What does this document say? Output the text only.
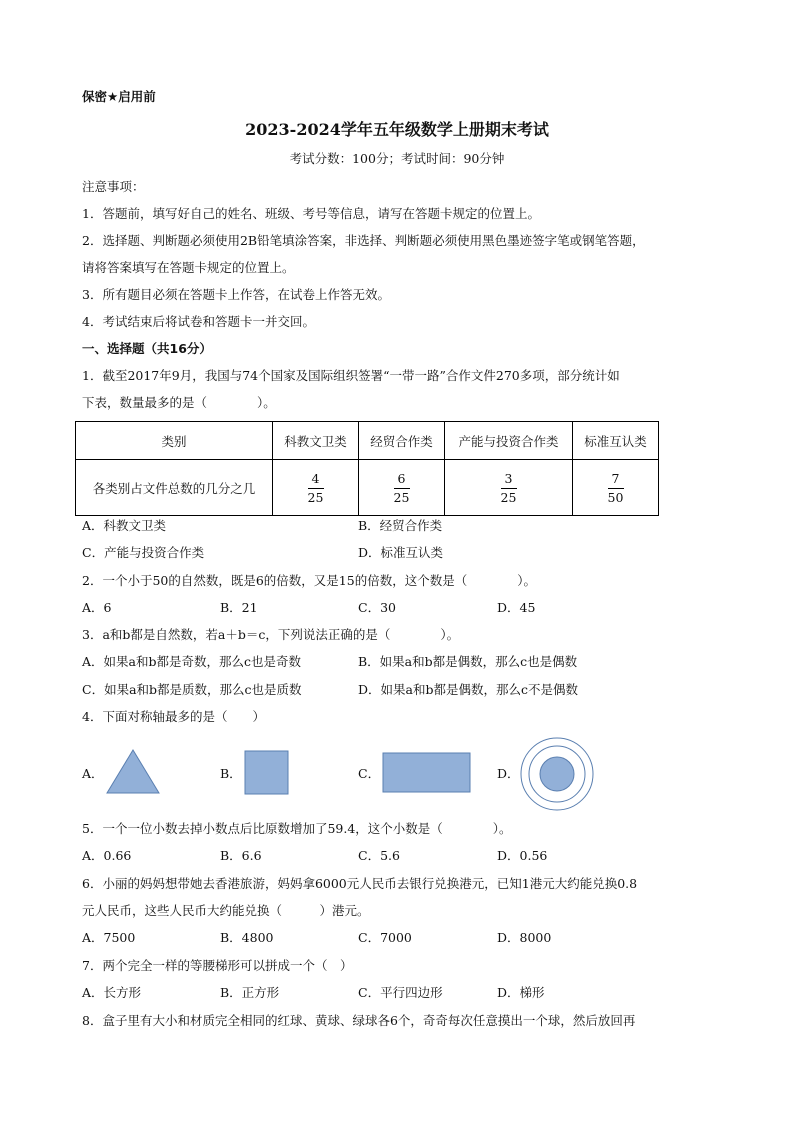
保密★启用前
2023-2024学年五年级数学上册期末考试
考试分数：100分；考试时间：90分钟
注意事项：
1．答题前，填写好自己的姓名、班级、考号等信息，请写在答题卡规定的位置上。
2．选择题、判断题必须使用2B铅笔填涂答案，非选择、判断题必须使用黑色墨迹签字笔或钢笔答题，
请将答案填写在答题卡规定的位置上。
3．所有题目必须在答题卡上作答，在试卷上作答无效。
4．考试结束后将试卷和答题卡一并交回。
一、选择题（共16分）
1．截至2017年9月，我国与74个国家及国际组织签署“一带一路”合作文件270多项，部分统计如
下表，数量最多的是（　　　　）。
类别	科教文卫类	经贸合作类	产能与投资合作类	标准互认类
各类别占文件总数的几分之几	$\frac{4}{25}$	$\frac{6}{25}$	$\frac{3}{25}$	$\frac{7}{50}$
A．科教文卫类	B．经贸合作类
C．产能与投资合作类	D．标准互认类
2．一个小于50的自然数，既是6的倍数，又是15的倍数，这个数是（　　　　）。
A．6	B．21	C．30	D．45
3．a和b都是自然数，若a＋b＝c，下列说法正确的是（　　　　）。
A．如果a和b都是奇数，那么c也是奇数	B．如果a和b都是偶数，那么c也是偶数
C．如果a和b都是质数，那么c也是质数	D．如果a和b都是偶数，那么c不是偶数
4．下面对称轴最多的是（　　）
A．	B．	C．	D．
5．一个一位小数去掉小数点后比原数增加了59.4，这个小数是（　　　　）。
A．0.66	B．6.6	C．5.6	D．0.56
6．小丽的妈妈想带她去香港旅游，妈妈拿6000元人民币去银行兑换港元，已知1港元大约能兑换0.8
元人民币，这些人民币大约能兑换（　　　）港元。
A．7500	B．4800	C．7000	D．8000
7．两个完全一样的等腰梯形可以拼成一个（　）
A．长方形	B．正方形	C．平行四边形	D．梯形
8．盒子里有大小和材质完全相同的红球、黄球、绿球各6个，奇奇每次任意摸出一个球，然后放回再
